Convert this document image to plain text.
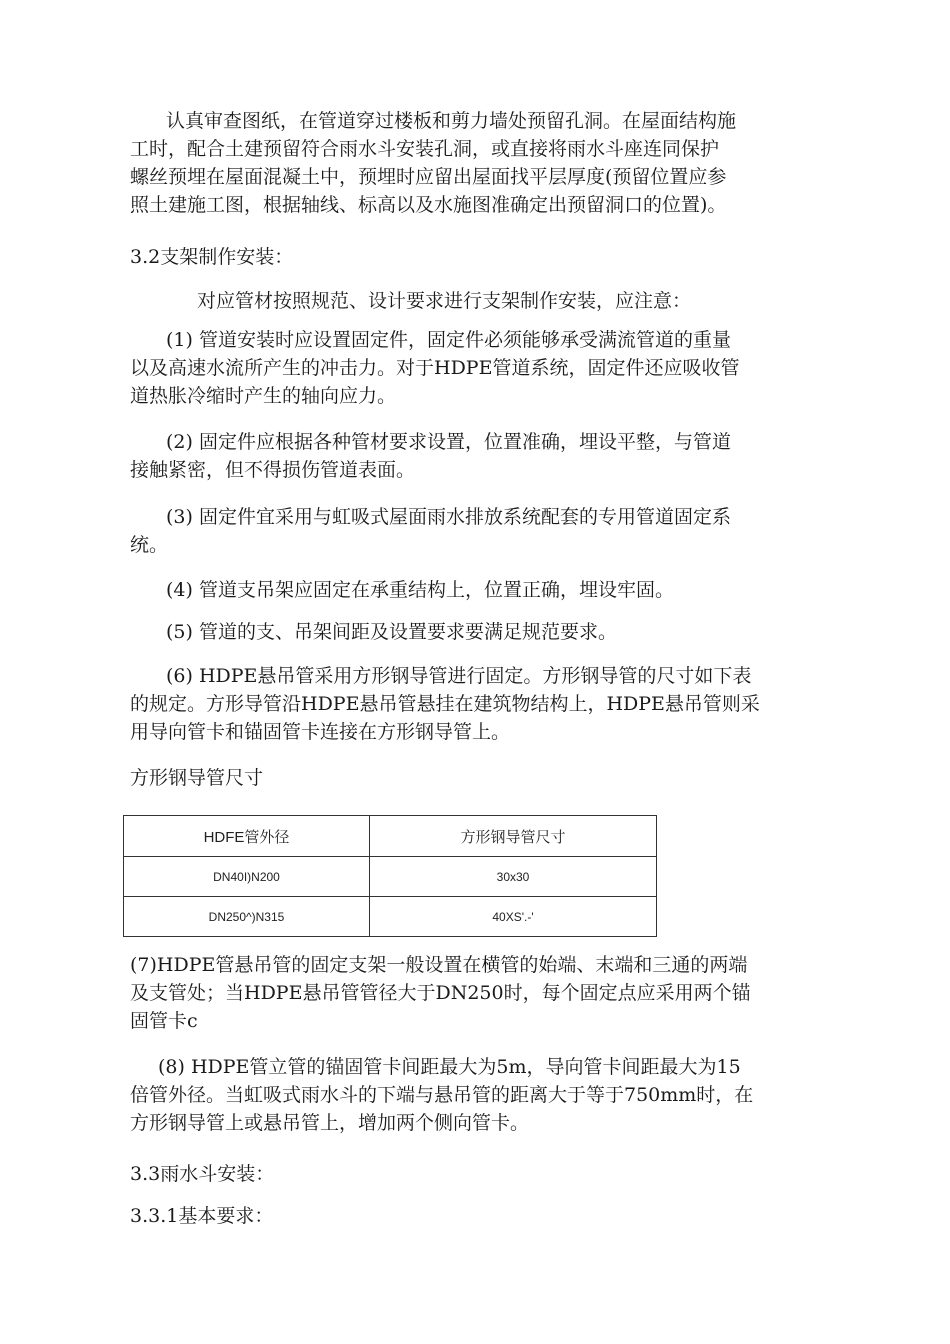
认真审查图纸，在管道穿过楼板和剪力墙处预留孔洞。在屋面结构施
工时，配合土建预留符合雨水斗安装孔洞，或直接将雨水斗座连同保护
螺丝预埋在屋面混凝土中，预埋时应留出屋面找平层厚度(预留位置应参
照土建施工图，根据轴线、标高以及水施图准确定出预留洞口的位置)。
3.2支架制作安装：
对应管材按照规范、设计要求进行支架制作安装，应注意：
(1) 管道安装时应设置固定件，固定件必须能够承受满流管道的重量
以及高速水流所产生的冲击力。对于HDPE管道系统，固定件还应吸收管
道热胀冷缩时产生的轴向应力。
(2) 固定件应根据各种管材要求设置，位置准确，埋设平整，与管道
接触紧密，但不得损伤管道表面。
(3) 固定件宜采用与虹吸式屋面雨水排放系统配套的专用管道固定系
统。
(4) 管道支吊架应固定在承重结构上，位置正确，埋设牢固。
(5) 管道的支、吊架间距及设置要求要满足规范要求。
(6) HDPE悬吊管采用方形钢导管进行固定。方形钢导管的尺寸如下表
的规定。方形导管沿HDPE悬吊管悬挂在建筑物结构上，HDPE悬吊管则采
用导向管卡和锚固管卡连接在方形钢导管上。
方形钢导管尺寸
HDFE管外径	方形钢导管尺寸
DN40I)N200	30x30
DN250^)N315	40XS'.-'
(7)HDPE管悬吊管的固定支架一般设置在横管的始端、末端和三通的两端
及支管处；当HDPE悬吊管管径大于DN250时，每个固定点应采用两个锚
固管卡c
(8) HDPE管立管的锚固管卡间距最大为5m，导向管卡间距最大为15
倍管外径。当虹吸式雨水斗的下端与悬吊管的距离大于等于750mm时，在
方形钢导管上或悬吊管上，增加两个侧向管卡。
3.3雨水斗安装：
3.3.1基本要求：
